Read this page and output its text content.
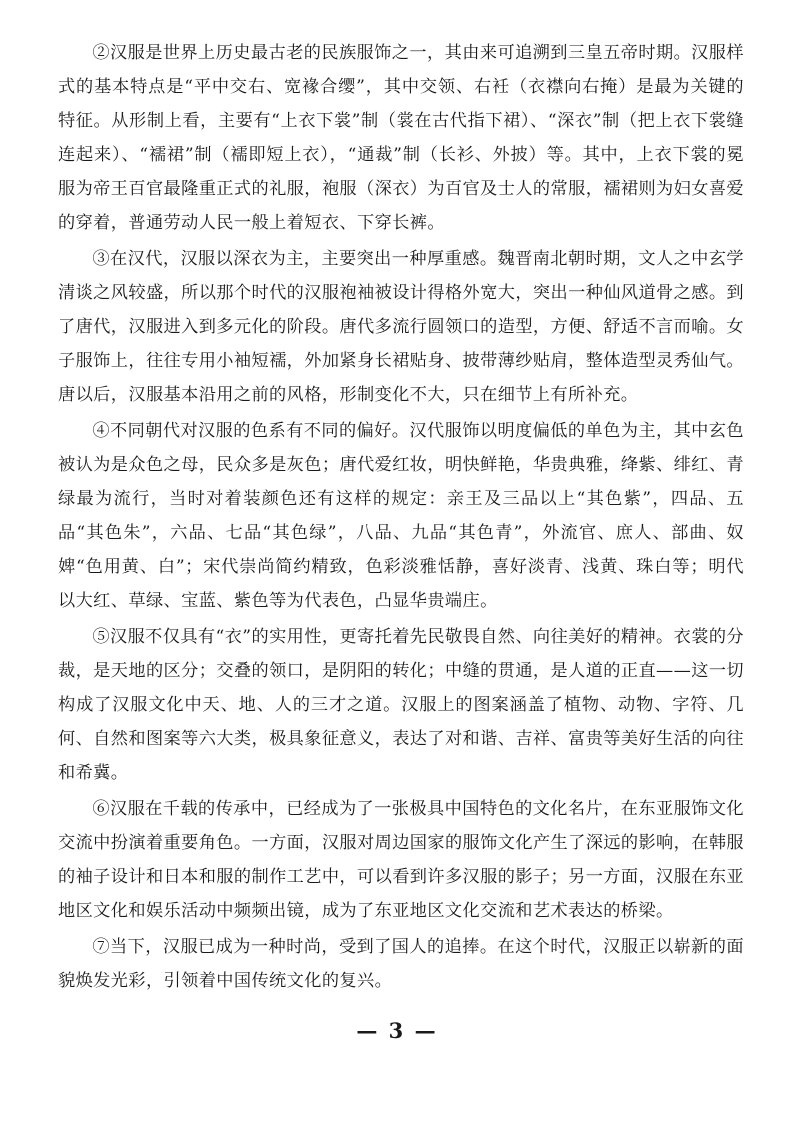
②汉服是世界上历史最古老的民族服饰之一，其由来可追溯到三皇五帝时期。汉服样式的基本特点是“平中交右、宽褖合缨”，其中交领、右衽（衣襟向右掩）是最为关键的特征。从形制上看，主要有“上衣下裳”制（裳在古代指下裙）、“深衣”制（把上衣下裳缝连起来）、“襦裙”制（襦即短上衣），“通裁”制（长衫、外披）等。其中，上衣下裳的冕服为帝王百官最隆重正式的礼服，袍服（深衣）为百官及士人的常服，襦裙则为妇女喜爱的穿着，普通劳动人民一般上着短衣、下穿长裤。

③在汉代，汉服以深衣为主，主要突出一种厚重感。魏晋南北朝时期，文人之中玄学清谈之风较盛，所以那个时代的汉服袍袖被设计得格外宽大，突出一种仙风道骨之感。到了唐代，汉服进入到多元化的阶段。唐代多流行圆领口的造型，方便、舒适不言而喻。女子服饰上，往往专用小袖短襦，外加紧身长裙贴身、披带薄纱贴肩，整体造型灵秀仙气。唐以后，汉服基本沿用之前的风格，形制变化不大，只在细节上有所补充。

④不同朝代对汉服的色系有不同的偏好。汉代服饰以明度偏低的单色为主，其中玄色被认为是众色之母，民众多是灰色；唐代爱红妆，明快鲜艳，华贵典雅，绛紫、绯红、青绿最为流行，当时对着装颜色还有这样的规定：亲王及三品以上“其色紫”，四品、五品“其色朱”，六品、七品“其色绿”，八品、九品“其色青”，外流官、庶人、部曲、奴婢“色用黄、白”；宋代崇尚简约精致，色彩淡雅恬静，喜好淡青、浅黄、珠白等；明代以大红、草绿、宝蓝、紫色等为代表色，凸显华贵端庄。

⑤汉服不仅具有“衣”的实用性，更寄托着先民敬畏自然、向往美好的精神。衣裳的分裁，是天地的区分；交叠的领口，是阴阳的转化；中缝的贯通，是人道的正直——这一切构成了汉服文化中天、地、人的三才之道。汉服上的图案涵盖了植物、动物、字符、几何、自然和图案等六大类，极具象征意义，表达了对和谐、吉祥、富贵等美好生活的向往和希冀。

⑥汉服在千载的传承中，已经成为了一张极具中国特色的文化名片，在东亚服饰文化交流中扮演着重要角色。一方面，汉服对周边国家的服饰文化产生了深远的影响，在韩服的袖子设计和日本和服的制作工艺中，可以看到许多汉服的影子；另一方面，汉服在东亚地区文化和娱乐活动中频频出镜，成为了东亚地区文化交流和艺术表达的桥梁。

⑦当下，汉服已成为一种时尚，受到了国人的追捧。在这个时代，汉服正以崭新的面貌焕发光彩，引领着中国传统文化的复兴。

— 3 —
